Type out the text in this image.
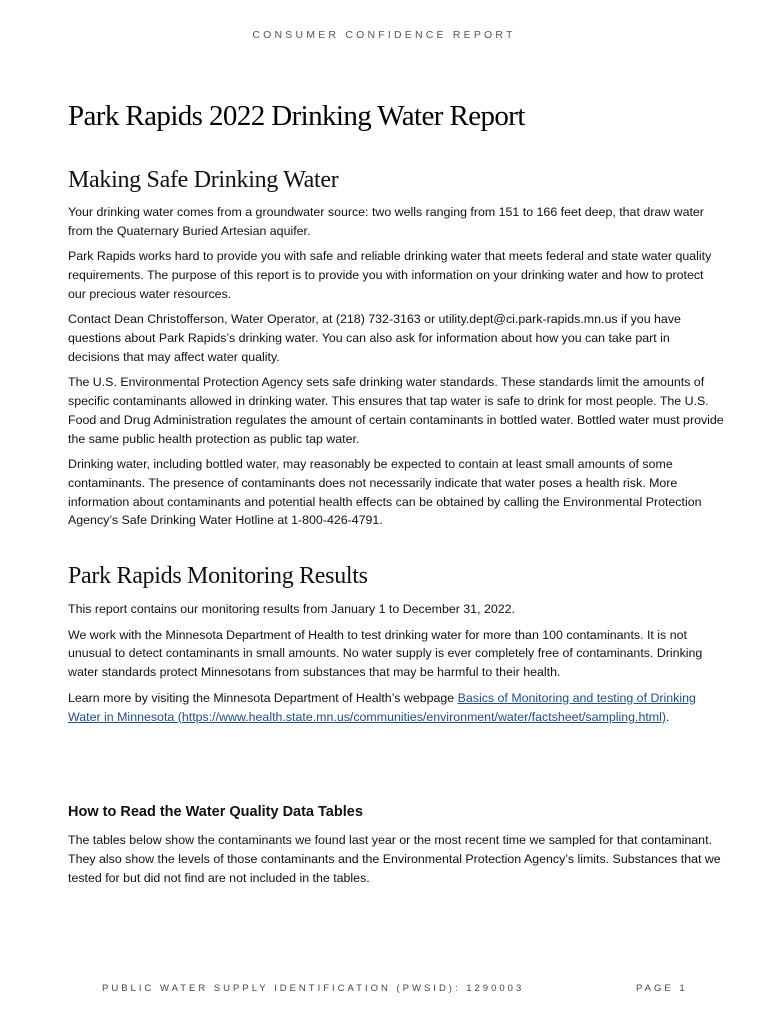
CONSUMER CONFIDENCE REPORT
Park Rapids 2022 Drinking Water Report
Making Safe Drinking Water

Your drinking water comes from a groundwater source: two wells ranging from 151 to 166 feet deep, that draw water from the Quaternary Buried Artesian aquifer.

Park Rapids works hard to provide you with safe and reliable drinking water that meets federal and state water quality requirements. The purpose of this report is to provide you with information on your drinking water and how to protect our precious water resources.

Contact Dean Christofferson, Water Operator, at (218) 732-3163 or utility.dept@ci.park-rapids.mn.us if you have questions about Park Rapids’s drinking water. You can also ask for information about how you can take part in decisions that may affect water quality.

The U.S. Environmental Protection Agency sets safe drinking water standards. These standards limit the amounts of specific contaminants allowed in drinking water. This ensures that tap water is safe to drink for most people. The U.S. Food and Drug Administration regulates the amount of certain contaminants in bottled water. Bottled water must provide the same public health protection as public tap water.

Drinking water, including bottled water, may reasonably be expected to contain at least small amounts of some contaminants. The presence of contaminants does not necessarily indicate that water poses a health risk. More information about contaminants and potential health effects can be obtained by calling the Environmental Protection Agency’s Safe Drinking Water Hotline at 1-800-426-4791.

Park Rapids Monitoring Results

This report contains our monitoring results from January 1 to December 31, 2022.

We work with the Minnesota Department of Health to test drinking water for more than 100 contaminants. It is not unusual to detect contaminants in small amounts. No water supply is ever completely free of contaminants. Drinking water standards protect Minnesotans from substances that may be harmful to their health.

Learn more by visiting the Minnesota Department of Health’s webpage Basics of Monitoring and testing of Drinking Water in Minnesota (https://www.health.state.mn.us/communities/environment/water/factsheet/sampling.html).

How to Read the Water Quality Data Tables

The tables below show the contaminants we found last year or the most recent time we sampled for that contaminant. They also show the levels of those contaminants and the Environmental Protection Agency’s limits. Substances that we tested for but did not find are not included in the tables.

PUBLIC WATER SUPPLY IDENTIFICATION (PWSID): 1290003	PAGE 1
